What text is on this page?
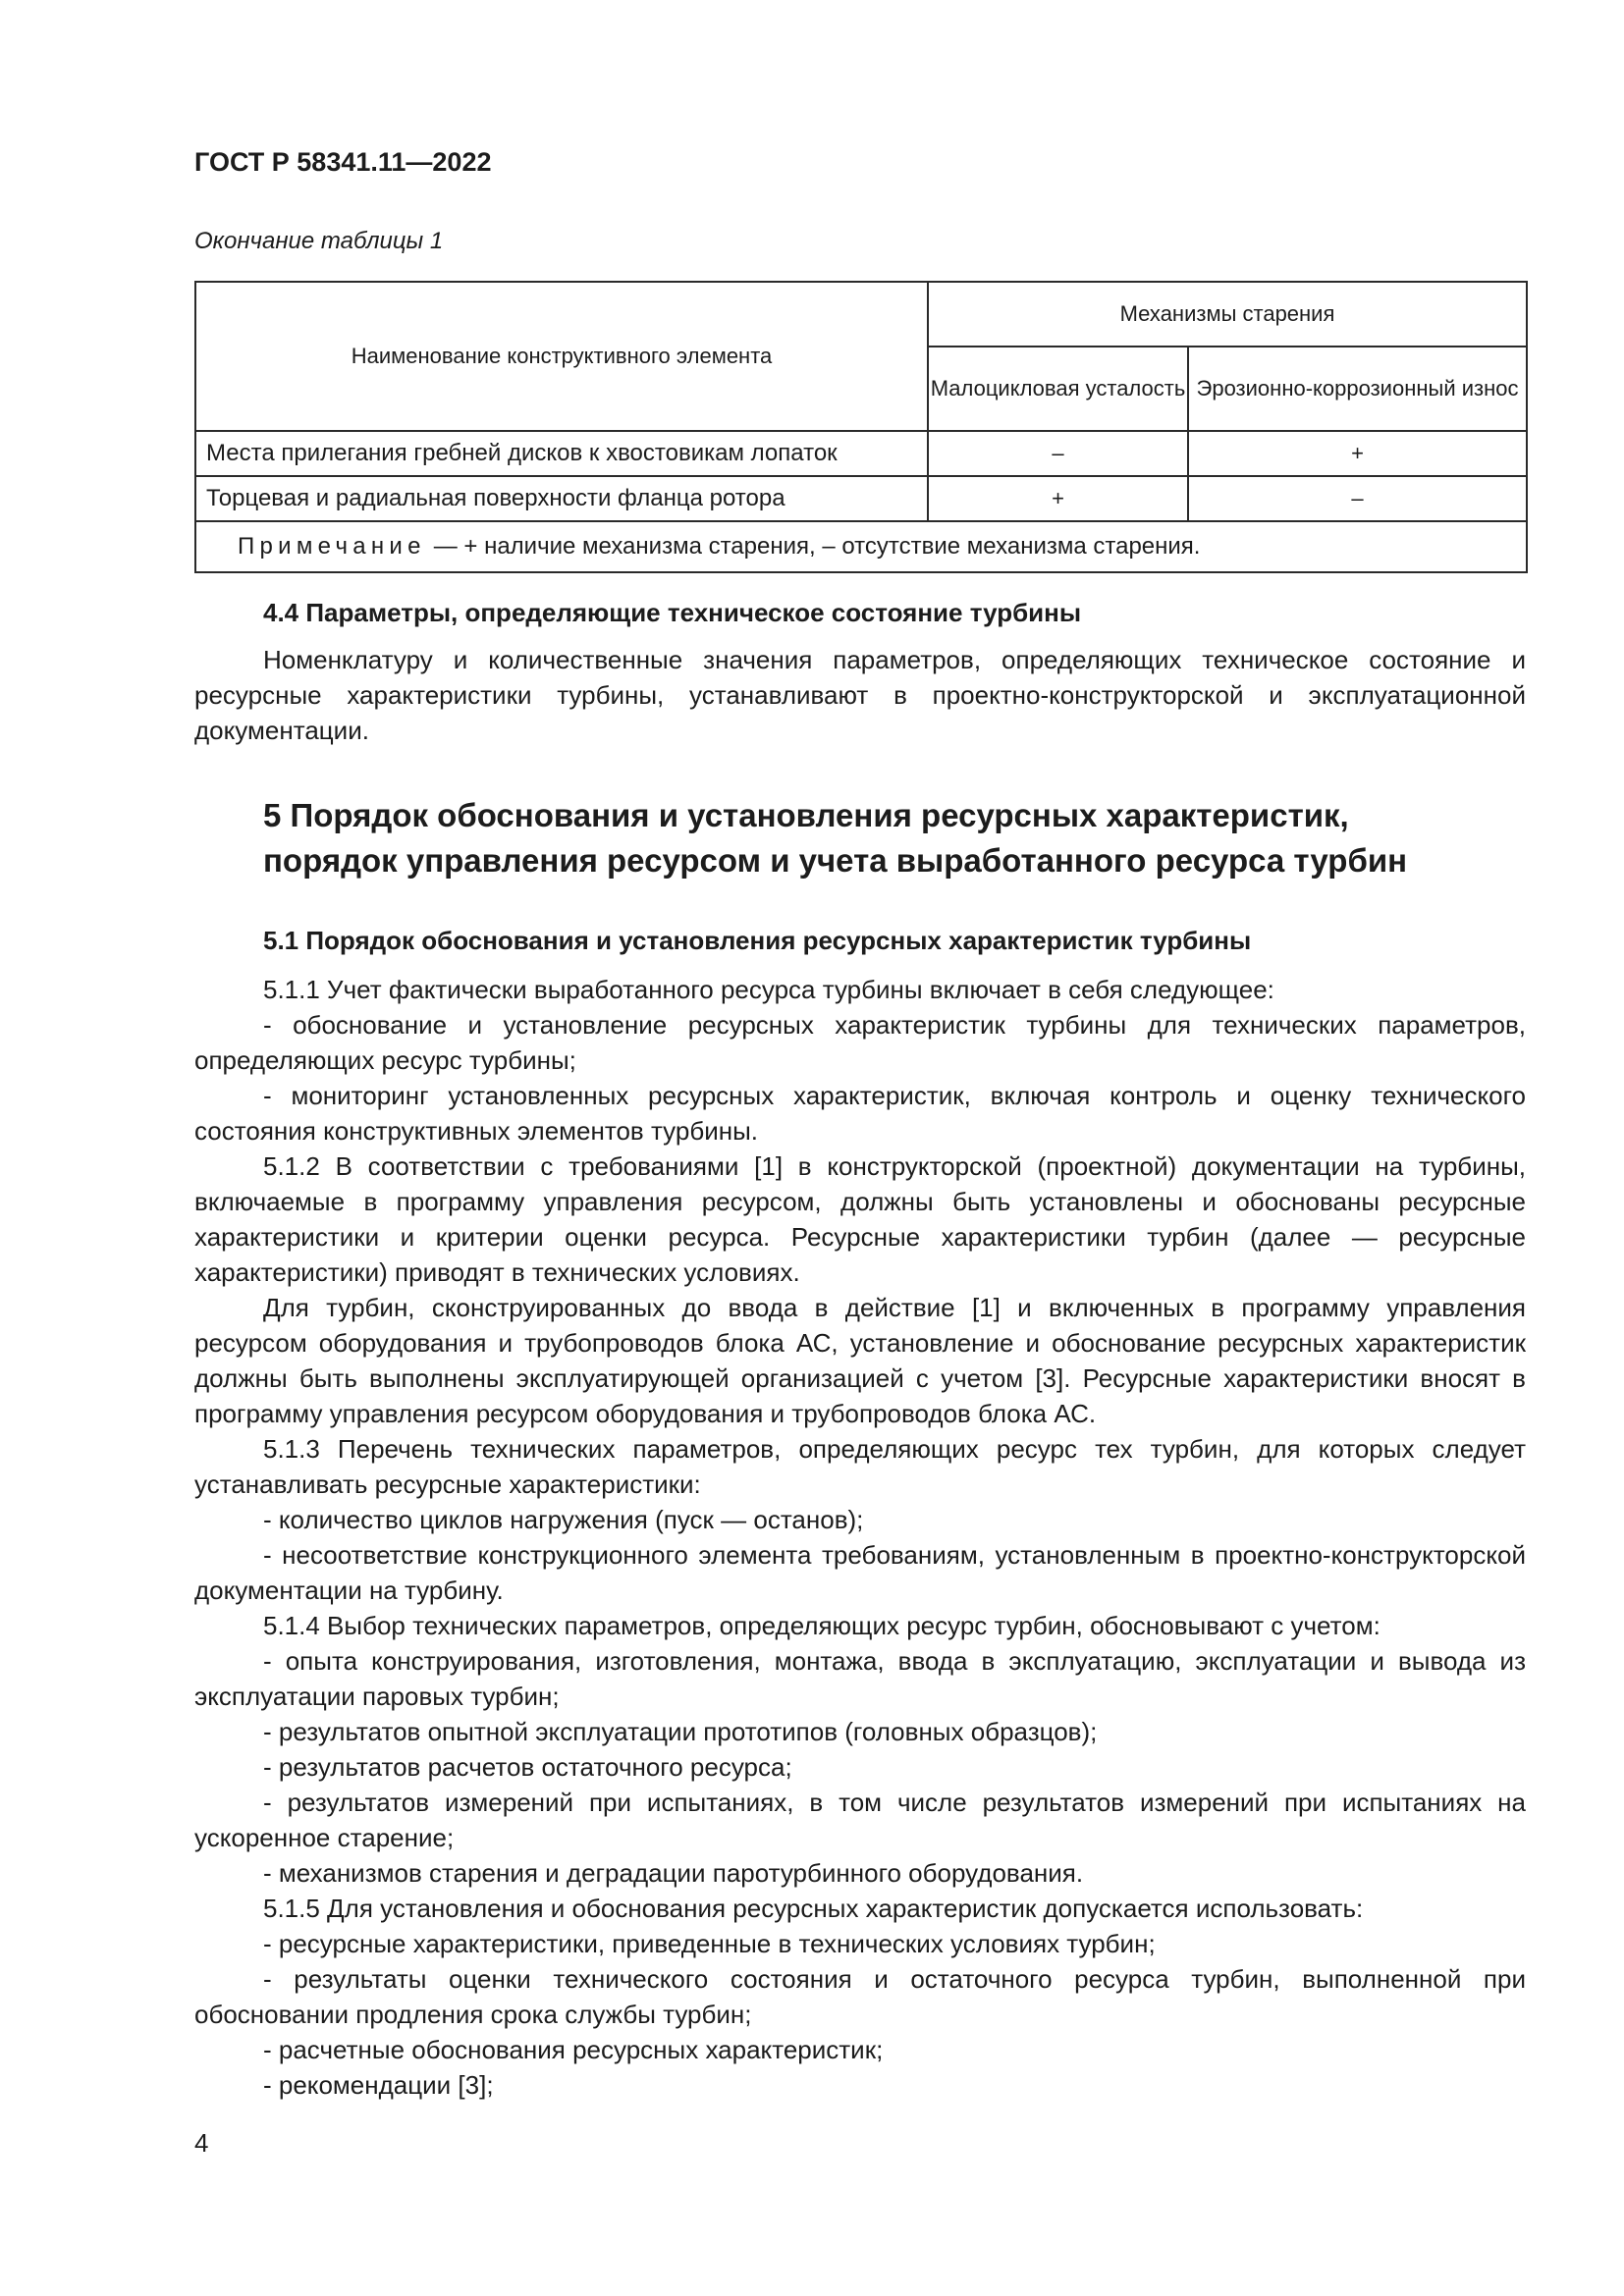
ГОСТ Р 58341.11—2022
Окончание таблицы 1
Наименование конструктивного элемента	Механизмы старения	
	Малоцикловая усталость	Эрозионно-коррозионный износ
Места прилегания гребней дисков к хвостовикам лопаток	–	+
Торцевая и радиальная поверхности фланца ротора	+	–
Примечание — + наличие механизма старения, – отсутствие механизма старения.		

4.4 Параметры, определяющие техническое состояние турбины

Номенклатуру и количественные значения параметров, определяющих техническое состояние и ресурсные характеристики турбины, устанавливают в проектно-конструкторской и эксплуатационной документации.

5 Порядок обоснования и установления ресурсных характеристик,

порядок управления ресурсом и учета выработанного ресурса турбин

5.1 Порядок обоснования и установления ресурсных характеристик турбины

5.1.1 Учет фактически выработанного ресурса турбины включает в себя следующее:

- обоснование и установление ресурсных характеристик турбины для технических параметров, определяющих ресурс турбины;

- мониторинг установленных ресурсных характеристик, включая контроль и оценку технического состояния конструктивных элементов турбины.

5.1.2 В соответствии с требованиями [1] в конструкторской (проектной) документации на турбины, включаемые в программу управления ресурсом, должны быть установлены и обоснованы ресурсные характеристики и критерии оценки ресурса. Ресурсные характеристики турбин (далее — ресурсные характеристики) приводят в технических условиях.

Для турбин, сконструированных до ввода в действие [1] и включенных в программу управления ресурсом оборудования и трубопроводов блока АС, установление и обоснование ресурсных характеристик должны быть выполнены эксплуатирующей организацией с учетом [3]. Ресурсные характеристики вносят в программу управления ресурсом оборудования и трубопроводов блока АС.

5.1.3 Перечень технических параметров, определяющих ресурс тех турбин, для которых следует устанавливать ресурсные характеристики:

- количество циклов нагружения (пуск — останов);

- несоответствие конструкционного элемента требованиям, установленным в проектно-конструкторской документации на турбину.

5.1.4 Выбор технических параметров, определяющих ресурс турбин, обосновывают с учетом:

- опыта конструирования, изготовления, монтажа, ввода в эксплуатацию, эксплуатации и вывода из эксплуатации паровых турбин;

- результатов опытной эксплуатации прототипов (головных образцов);

- результатов расчетов остаточного ресурса;

- результатов измерений при испытаниях, в том числе результатов измерений при испытаниях на ускоренное старение;

- механизмов старения и деградации паротурбинного оборудования.

5.1.5 Для установления и обоснования ресурсных характеристик допускается использовать:

- ресурсные характеристики, приведенные в технических условиях турбин;

- результаты оценки технического состояния и остаточного ресурса турбин, выполненной при обосновании продления срока службы турбин;

- расчетные обоснования ресурсных характеристик;

- рекомендации [3];

4
